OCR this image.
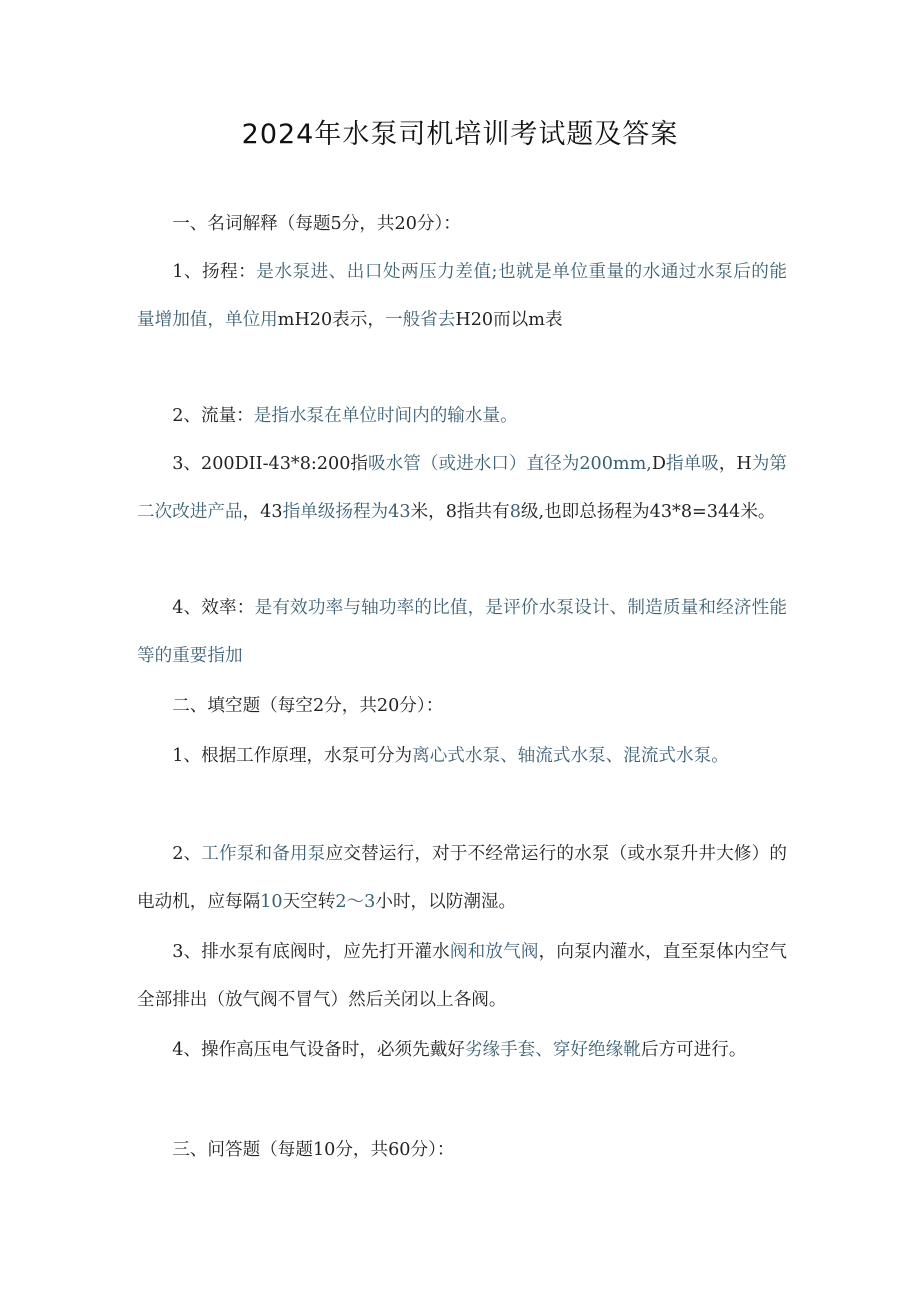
2024年水泵司机培训考试题及答案
一、名词解释（每题5分，共20分）：
1、扬程：是水泵进、出口处两压力差值;也就是单位重量的水通过水泵后的能量增加值，单位用mH20表示，一般省去H20而以m表
2、流量：是指水泵在单位时间内的输水量。
3、200DII-43*8:200指吸水管（或进水口）直径为200mm,D指单吸，H为第二次改进产品，43指单级扬程为43米，8指共有8级,也即总扬程为43*8=344米。
4、效率：是有效功率与轴功率的比值，是评价水泵设计、制造质量和经济性能等的重要指加
二、填空题（每空2分，共20分）：
1、根据工作原理，水泵可分为离心式水泵、轴流式水泵、混流式水泵。
2、工作泵和备用泵应交替运行，对于不经常运行的水泵（或水泵升井大修）的电动机，应每隔10天空转2～3小时，以防潮湿。
3、排水泵有底阀时，应先打开灌水阀和放气阀，向泵内灌水，直至泵体内空气全部排出（放气阀不冒气）然后关闭以上各阀。
4、操作高压电气设备时，必须先戴好劣缘手套、穿好绝缘靴后方可进行。
三、问答题（每题10分，共60分）：
